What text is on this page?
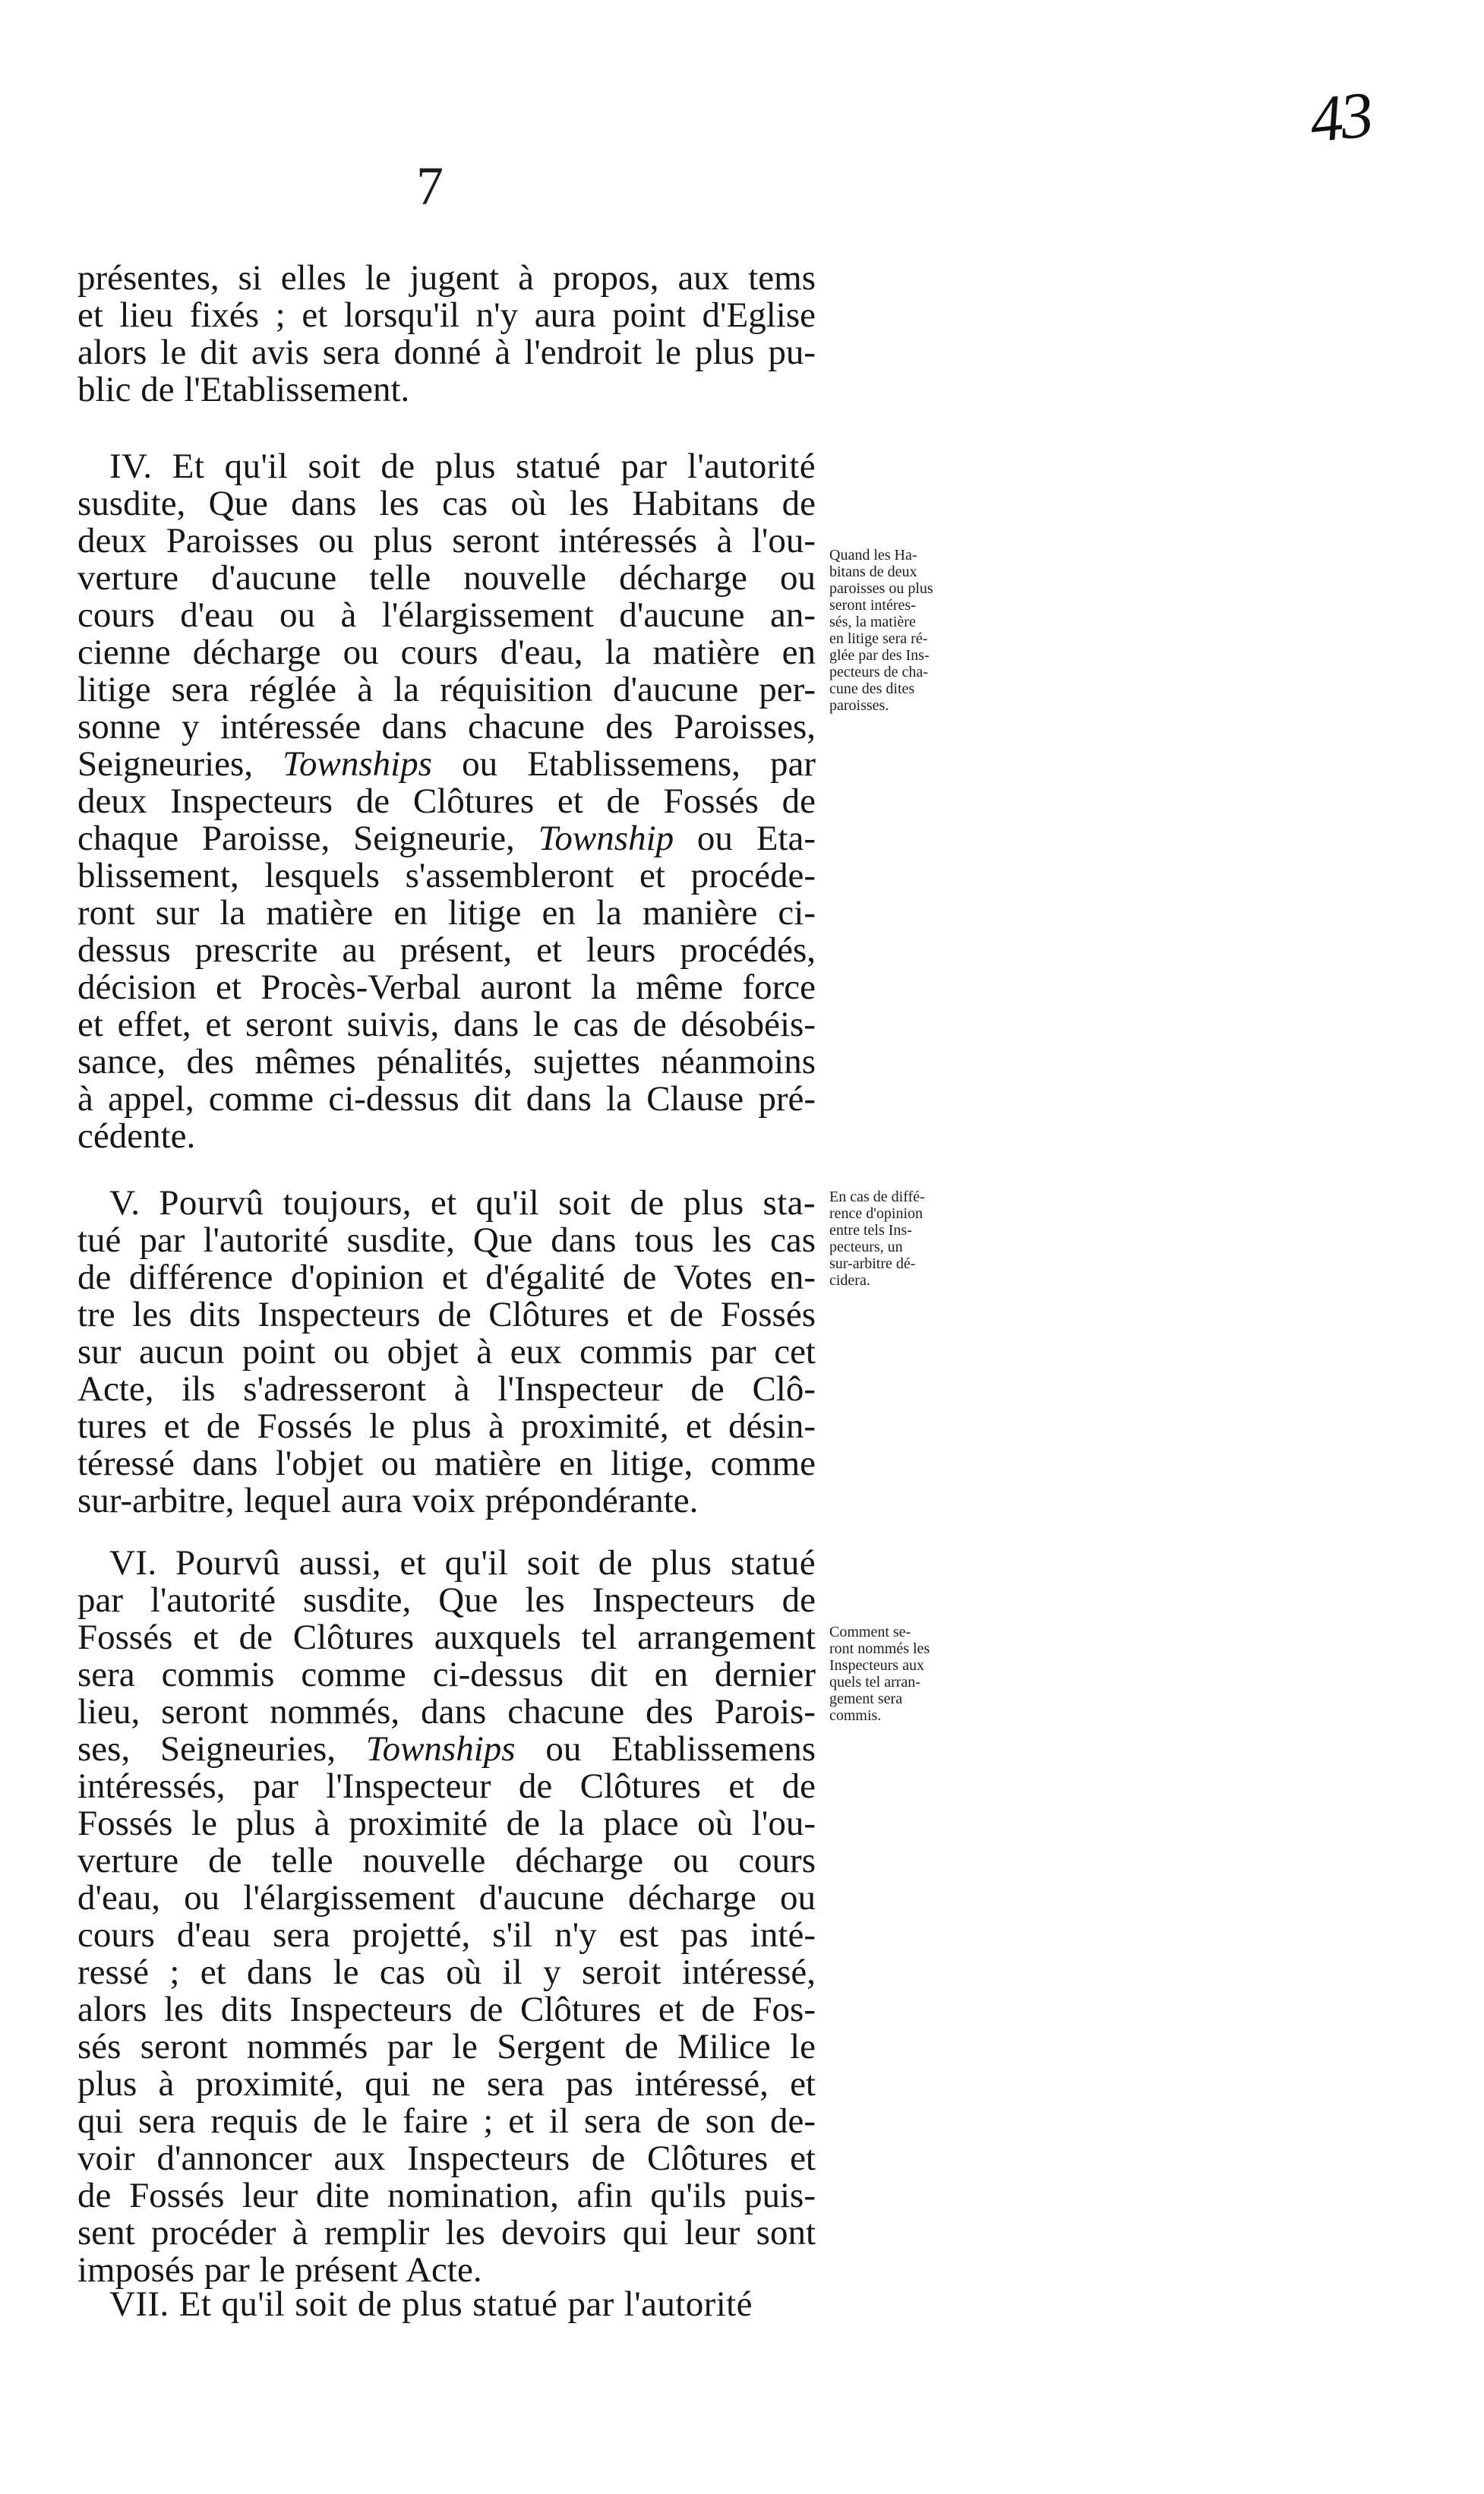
43
7
présentes, si elles le jugent à propos, aux tems
et lieu fixés ; et lorsqu'il n'y aura point d'Eglise
alors le dit avis sera donné à l'endroit le plus pu-
blic de l'Etablissement.
IV. Et qu'il soit de plus statué par l'autorité
susdite, Que dans les cas où les Habitans de
deux Paroisses ou plus seront intéressés à l'ou-
verture d'aucune telle nouvelle décharge ou
cours d'eau ou à l'élargissement d'aucune an-
cienne décharge ou cours d'eau, la matière en
litige sera réglée à la réquisition d'aucune per-
sonne y intéressée dans chacune des Paroisses,
Seigneuries, Townships ou Etablissemens, par
deux Inspecteurs de Clôtures et de Fossés de
chaque Paroisse, Seigneurie, Township ou Eta-
blissement, lesquels s'assembleront et procéde-
ront sur la matière en litige en la manière ci-
dessus prescrite au présent, et leurs procédés,
décision et Procès-Verbal auront la même force
et effet, et seront suivis, dans le cas de désobéis-
sance, des mêmes pénalités, sujettes néanmoins
à appel, comme ci-dessus dit dans la Clause pré-
cédente.
V. Pourvû toujours, et qu'il soit de plus sta-
tué par l'autorité susdite, Que dans tous les cas
de différence d'opinion et d'égalité de Votes en-
tre les dits Inspecteurs de Clôtures et de Fossés
sur aucun point ou objet à eux commis par cet
Acte, ils s'adresseront à l'Inspecteur de Clô-
tures et de Fossés le plus à proximité, et désin-
téressé dans l'objet ou matière en litige, comme
sur-arbitre, lequel aura voix prépondérante.
VI. Pourvû aussi, et qu'il soit de plus statué
par l'autorité susdite, Que les Inspecteurs de
Fossés et de Clôtures auxquels tel arrangement
sera commis comme ci-dessus dit en dernier
lieu, seront nommés, dans chacune des Parois-
ses, Seigneuries, Townships ou Etablissemens
intéressés, par l'Inspecteur de Clôtures et de
Fossés le plus à proximité de la place où l'ou-
verture de telle nouvelle décharge ou cours
d'eau, ou l'élargissement d'aucune décharge ou
cours d'eau sera projetté, s'il n'y est pas inté-
ressé ; et dans le cas où il y seroit intéressé,
alors les dits Inspecteurs de Clôtures et de Fos-
sés seront nommés par le Sergent de Milice le
plus à proximité, qui ne sera pas intéressé, et
qui sera requis de le faire ; et il sera de son de-
voir d'annoncer aux Inspecteurs de Clôtures et
de Fossés leur dite nomination, afin qu'ils puis-
sent procéder à remplir les devoirs qui leur sont
imposés par le présent Acte.
VII. Et qu'il soit de plus statué par l'autorité
Quand les Ha-
bitans de deux
paroisses ou plus
seront intéres-
sés, la matière
en litige sera ré-
glée par des Ins-
pecteurs de cha-
cune des dites
paroisses.
En cas de diffé-
rence d'opinion
entre tels Ins-
pecteurs, un
sur-arbitre dé-
cidera.
Comment se-
ront nommés les
Inspecteurs aux
quels tel arran-
gement sera
commis.
